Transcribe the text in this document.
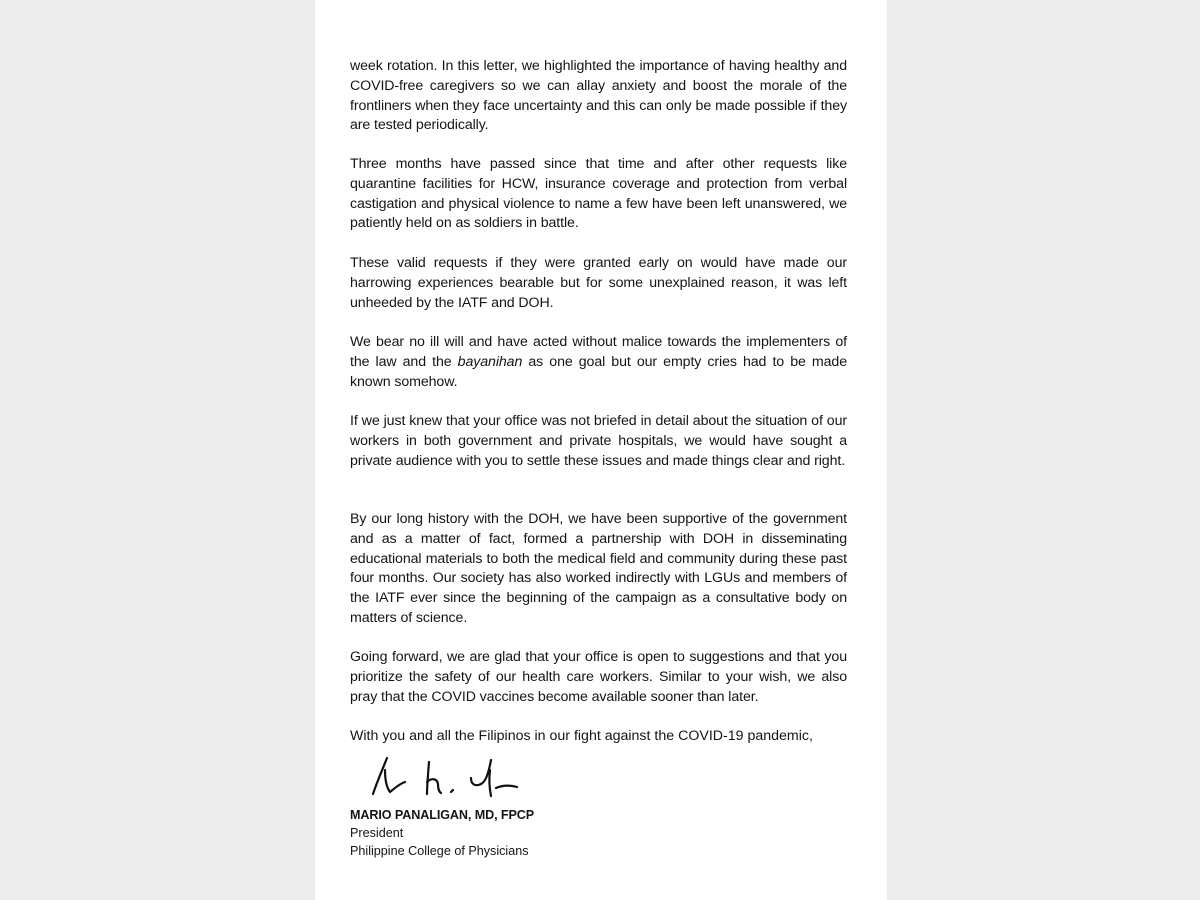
week rotation. In this letter, we highlighted the importance of having healthy and COVID-free caregivers so we can allay anxiety and boost the morale of the frontliners when they face uncertainty and this can only be made possible if they are tested periodically.

Three months have passed since that time and after other requests like quarantine facilities for HCW, insurance coverage and protection from verbal castigation and physical violence to name a few have been left unanswered, we patiently held on as soldiers in battle.

These valid requests if they were granted early on would have made our harrowing experiences bearable but for some unexplained reason, it was left unheeded by the IATF and DOH.

We bear no ill will and have acted without malice towards the implementers of the law and the bayanihan as one goal but our empty cries had to be made known somehow.

If we just knew that your office was not briefed in detail about the situation of our workers in both government and private hospitals, we would have sought a private audience with you to settle these issues and made things clear and right.

By our long history with the DOH, we have been supportive of the government and as a matter of fact, formed a partnership with DOH in disseminating educational materials to both the medical field and community during these past four months. Our society has also worked indirectly with LGUs and members of the IATF ever since the beginning of the campaign as a consultative body on matters of science.

Going forward, we are glad that your office is open to suggestions and that you prioritize the safety of our health care workers. Similar to your wish, we also pray that the COVID vaccines become available sooner than later.

With you and all the Filipinos in our fight against the COVID-19 pandemic,

MARIO PANALIGAN, MD, FPCP
President
Philippine College of Physicians
